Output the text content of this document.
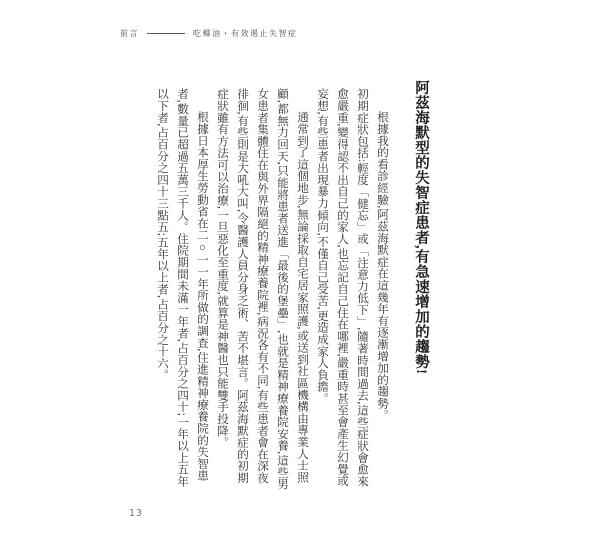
前言	吃椰油・有效遏止失智症
阿茲海默型的失智症患者,有急速增加的趨勢!

根據我的看診經驗,阿茲海默症在這幾年有逐漸增加的趨勢。

初期症狀包括:輕度「健忘」或「注意力低下」,隨著時間過去,這些症狀會愈來愈嚴重,變得認不出自己的家人,也忘記自己住在哪裡,嚴重時甚至會產生幻覺或妄想,有些患者出現暴力傾向,不僅自己受苦,更造成家人負擔。

通常到了這個地步,無論採取自宅居家照護,或送到社區機構由專業人士照顧,都無力回天,只能將患者送進「最後的堡壘」,也就是精神療養院安養,這些男女患者集體住在與外界隔絕的精神療養院裡,病況各有不同,有些患者會在深夜徘徊,有些則是大吼大叫,令醫護人員分身乏術、苦不堪言。阿茲海默症的初期症狀雖有方法可以治療,一旦惡化至重度,就算是神醫也只能雙手投降。

根據日本厚生勞動省在二○一一年所做的調查,住進精神療養院的失智患者,數量已超過五萬三千人。住院期間未滿一年者,占百分之四十;一年以上五年以下者,占百分之四十三點五;五年以上者,占百分之十六。

13
